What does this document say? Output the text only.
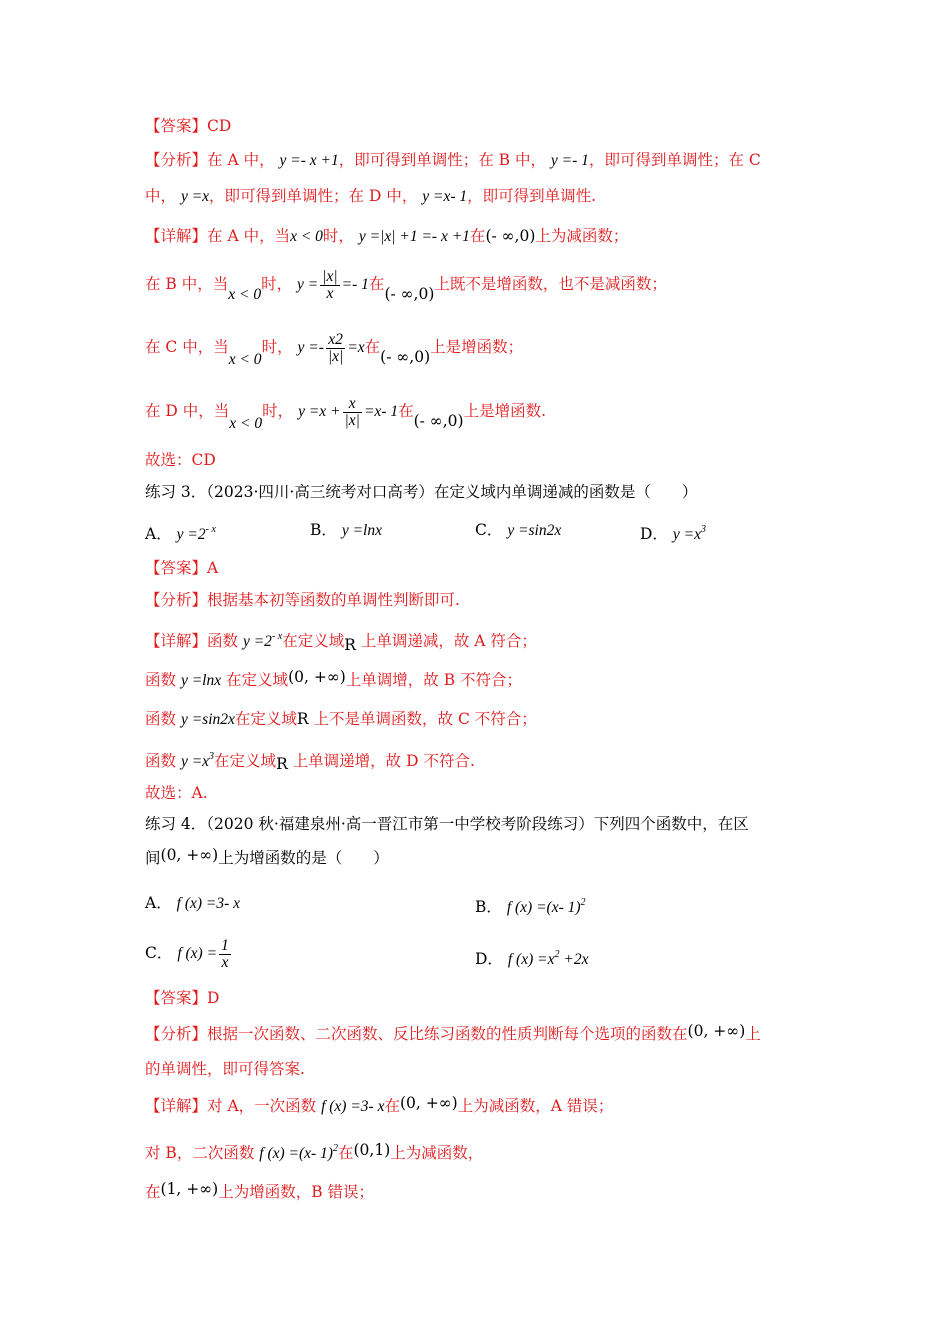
【答案】CD
【分析】在 A 中， y =- x +1，即可得到单调性；在 B 中， y =- 1，即可得到单调性；在 C
中， y =x，即可得到单调性；在 D 中， y =x- 1，即可得到单调性.
【详解】在 A 中，当x < 0时， y =|x| +1 =- x +1在(- ∞,0)上为减函数；
在 B 中，当x < 0时， $y = \frac{|x|}{x} =- 1$在(- ∞,0)上既不是增函数，也不是减函数；
在 C 中，当x < 0时， $y =- \frac{x2}{|x|} =x$在(- ∞,0)上是增函数；
在 D 中，当x < 0时， $y =x + \frac{x}{|x|} =x-$ 1在(- ∞,0)上是增函数.
故选：CD
练习 3．（2023·四川·高三统考对口高考）在定义域内单调递减的函数是（　　）
A． $y =2^{- x}$	B． y =lnx	C． y =sin2x	D． $y =x^3$
【答案】A
【分析】根据基本初等函数的单调性判断即可.
【详解】函数 $y =2^{- x}$在定义域R 上单调递减，故 A 符合；
函数 y =lnx 在定义域(0, +∞)上单调增，故 B 不符合；
函数 y =sin2x在定义域R 上不是单调函数，故 C 不符合；
函数 $y =x^3$在定义域R 上单调递增，故 D 不符合.
故选：A.
练习 4．（2020 秋·福建泉州·高一晋江市第一中学校考阶段练习）下列四个函数中，在区
间(0, +∞)上为增函数的是（　　）
A． f (x) =3- x	B． f (x) =(x- 1)$^2$
C． f $(x) = \frac{1}{x}$	D． f $(x) =x^2 +2x$
【答案】D
【分析】根据一次函数、二次函数、反比练习函数的性质判断每个选项的函数在(0, +∞)上
的单调性，即可得答案.
【详解】对 A，一次函数 f (x) =3- x在(0, +∞)上为减函数，A 错误；
对 B，二次函数 f (x) =(x- 1)$^2$在(0,1)上为减函数，
在(1, +∞)上为增函数，B 错误；
